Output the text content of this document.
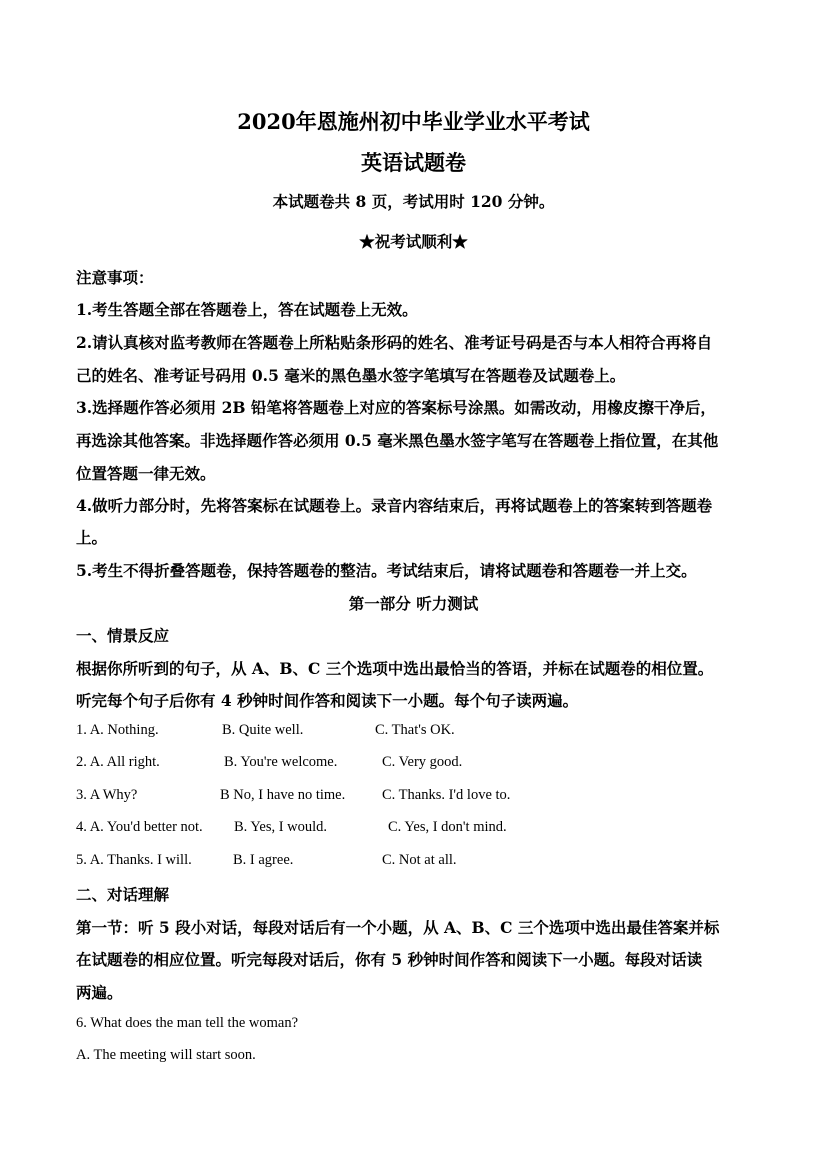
2020年恩施州初中毕业学业水平考试
英语试题卷
本试题卷共 8 页，考试用时 120 分钟。
★祝考试顺利★
注意事项：
1.考生答题全部在答题卷上，答在试题卷上无效。
2.请认真核对监考教师在答题卷上所粘贴条形码的姓名、准考证号码是否与本人相符合再将自
己的姓名、准考证号码用 0.5 毫米的黑色墨水签字笔填写在答题卷及试题卷上。
3.选择题作答必须用 2B 铅笔将答题卷上对应的答案标号涂黑。如需改动，用橡皮擦干净后，
再选涂其他答案。非选择题作答必须用 0.5 毫米黑色墨水签字笔写在答题卷上指位置，在其他
位置答题一律无效。
4.做听力部分时，先将答案标在试题卷上。录音内容结束后，再将试题卷上的答案转到答题卷
上。
5.考生不得折叠答题卷，保持答题卷的整洁。考试结束后，请将试题卷和答题卷一并上交。
第一部分 听力测试
一、情景反应
根据你所听到的句子，从 A、B、C 三个选项中选出最恰当的答语，并标在试题卷的相位置。
听完每个句子后你有 4 秒钟时间作答和阅读下一小题。每个句子读两遍。
1. A. Nothing.	B. Quite well.	C. That's OK.
2. A. All right.	B. You're welcome.	C. Very good.
3. A Why?	B No, I have no time.	C. Thanks. I'd love to.
4. A. You'd better not. B. Yes, I would.	C. Yes, I don't mind.
5. A. Thanks. I will.	B. I agree.	C. Not at all.
二、对话理解
第一节：听 5 段小对话，每段对话后有一个小题，从 A、B、C 三个选项中选出最佳答案并标
在试题卷的相应位置。听完每段对话后，你有 5 秒钟时间作答和阅读下一小题。每段对话读
两遍。
6. What does the man tell the woman?
A. The meeting will start soon.
